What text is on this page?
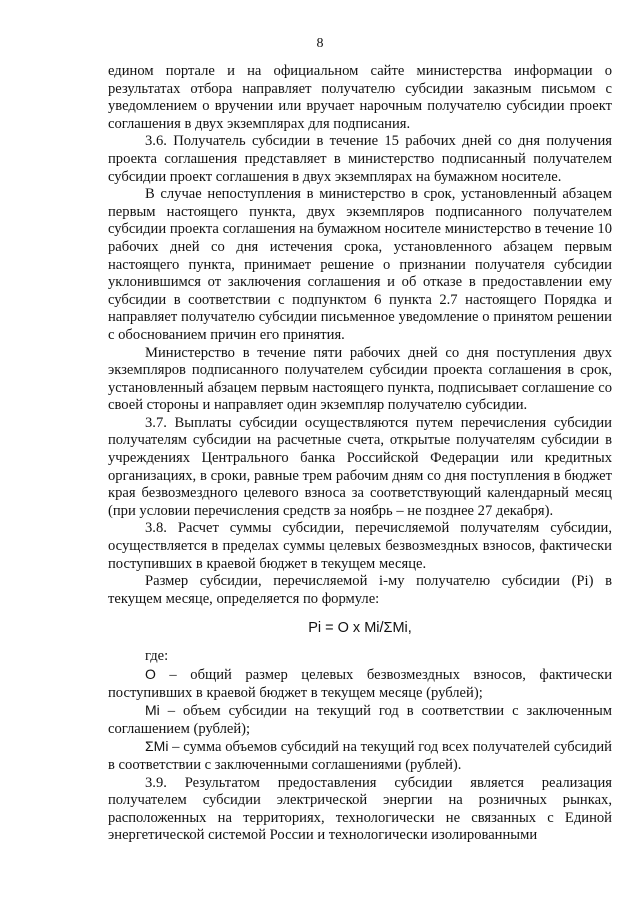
8

едином портале и на официальном сайте министерства информации о результатах отбора направляет получателю субсидии заказным письмом с уведомлением о вручении или вручает нарочным получателю субсидии проект соглашения в двух экземплярах для подписания.

3.6. Получатель субсидии в течение 15 рабочих дней со дня получения проекта соглашения представляет в министерство подписанный получателем субсидии проект соглашения в двух экземплярах на бумажном носителе.

В случае непоступления в министерство в срок, установленный абзацем первым настоящего пункта, двух экземпляров подписанного получателем субсидии проекта соглашения на бумажном носителе министерство в течение 10 рабочих дней со дня истечения срока, установленного абзацем первым настоящего пункта, принимает решение о признании получателя субсидии уклонившимся от заключения соглашения и об отказе в предоставлении ему субсидии в соответствии с подпунктом 6 пункта 2.7 настоящего Порядка и направляет получателю субсидии письменное уведомление о принятом решении с обоснованием причин его принятия.

Министерство в течение пяти рабочих дней со дня поступления двух экземпляров подписанного получателем субсидии проекта соглашения в срок, установленный абзацем первым настоящего пункта, подписывает соглашение со своей стороны и направляет один экземпляр получателю субсидии.

3.7. Выплаты субсидии осуществляются путем перечисления субсидии получателям субсидии на расчетные счета, открытые получателям субсидии в учреждениях Центрального банка Российской Федерации или кредитных организациях, в сроки, равные трем рабочим дням со дня поступления в бюджет края безвозмездного целевого взноса за соответствующий календарный месяц (при условии перечисления средств за ноябрь – не позднее 27 декабря).

3.8. Расчет суммы субсидии, перечисляемой получателям субсидии, осуществляется в пределах суммы целевых безвозмездных взносов, фактически поступивших в краевой бюджет в текущем месяце.

Размер субсидии, перечисляемой i-му получателю субсидии (Pi) в текущем месяце, определяется по формуле:

Pi = O x Mi/ΣMi,

где:

O – общий размер целевых безвозмездных взносов, фактически поступивших в краевой бюджет в текущем месяце (рублей);

Mi – объем субсидии на текущий год в соответствии с заключенным соглашением (рублей);

ΣMi – сумма объемов субсидий на текущий год всех получателей субсидий в соответствии с заключенными соглашениями (рублей).

3.9. Результатом предоставления субсидии является реализация получателем субсидии электрической энергии на розничных рынках, расположенных на территориях, технологически не связанных с Единой энергетической системой России и технологически изолированными
